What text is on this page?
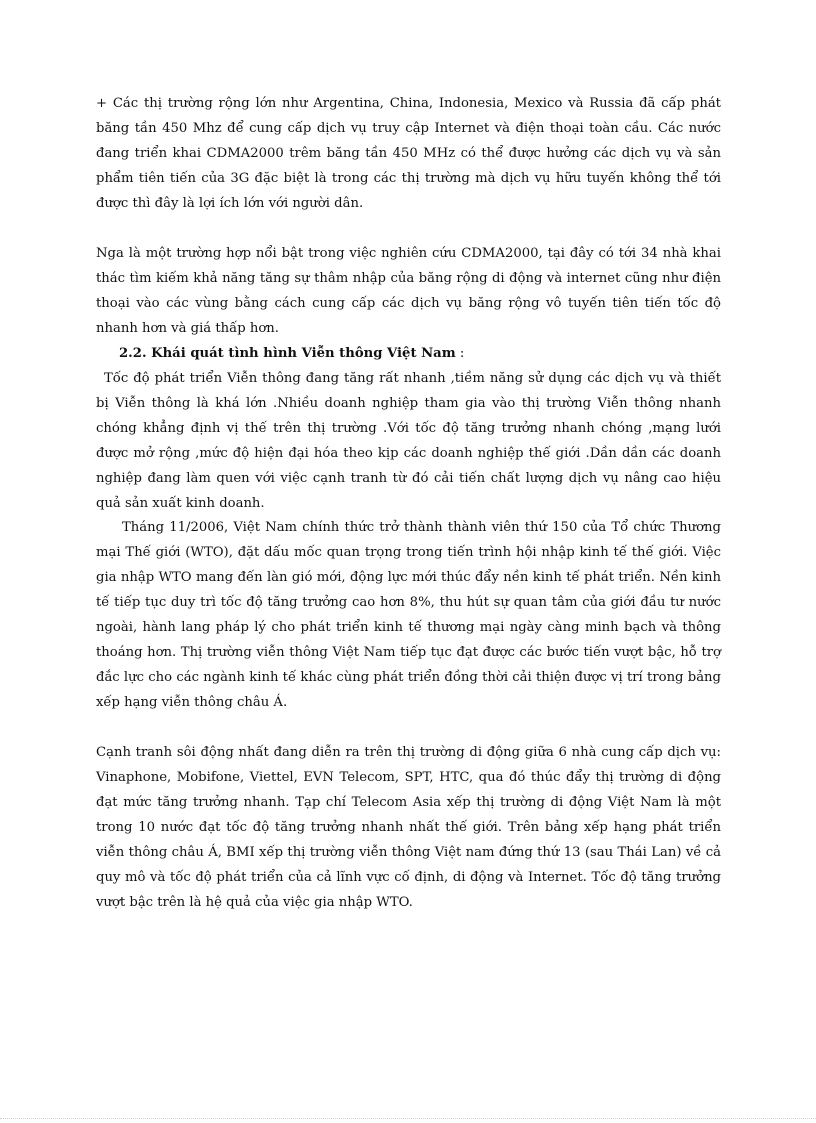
+ Các thị trường rộng lớn như Argentina, China, Indonesia, Mexico và Russia đã cấp phát băng tần 450 Mhz để cung cấp dịch vụ truy cập Internet và điện thoại toàn cầu. Các nước đang triển khai CDMA2000 trêm băng tần 450 MHz có thể được hưởng các dịch vụ và sản phẩm tiên tiến của 3G đặc biệt là trong các thị trường mà dịch vụ hữu tuyến không thể tới được thì đây là lợi ích lớn với người dân.

Nga là một trường hợp nổi bật trong việc nghiên cứu CDMA2000, tại đây có tới 34 nhà khai thác tìm kiếm khả năng tăng sự thâm nhập của băng rộng di động và internet cũng như điện thoại vào các vùng bằng cách cung cấp các dịch vụ băng rộng vô tuyến tiên tiến tốc độ nhanh hơn và giá thấp hơn.

2.2. Khái quát tình hình Viễn thông Việt Nam :

Tốc độ phát triển Viễn thông đang tăng rất nhanh ,tiềm năng sử dụng các dịch vụ và thiết bị Viễn thông là khá lớn .Nhiều doanh nghiệp tham gia vào thị trường Viễn thông nhanh chóng khẳng định vị thế trên thị trường .Với tốc độ tăng trưởng nhanh chóng ,mạng lưới được mở rộng ,mức độ hiện đại hóa theo kịp các doanh nghiệp thế giới .Dần dần các doanh nghiệp đang làm quen với việc cạnh tranh từ đó cải tiến chất lượng dịch vụ nâng cao hiệu quả sản xuất kinh doanh.

Tháng 11/2006, Việt Nam chính thức trở thành thành viên thứ 150 của Tổ chức Thương mại Thế giới (WTO), đặt dấu mốc quan trọng trong tiến trình hội nhập kinh tế thế giới. Việc gia nhập WTO mang đến làn gió mới, động lực mới thúc đẩy nền kinh tế phát triển. Nền kinh tế tiếp tục duy trì tốc độ tăng trưởng cao hơn 8%, thu hút sự quan tâm của giới đầu tư nước ngoài, hành lang pháp lý cho phát triển kinh tế thương mại ngày càng minh bạch và thông thoáng hơn. Thị trường viễn thông Việt Nam tiếp tục đạt được các bước tiến vượt bậc, hỗ trợ đắc lực cho các ngành kinh tế khác cùng phát triển đồng thời cải thiện được vị trí trong bảng xếp hạng viễn thông châu Á.

Cạnh tranh sôi động nhất đang diễn ra trên thị trường di động giữa 6 nhà cung cấp dịch vụ: Vinaphone, Mobifone, Viettel, EVN Telecom, SPT, HTC, qua đó thúc đẩy thị trường di động đạt mức tăng trưởng nhanh. Tạp chí Telecom Asia xếp thị trường di động Việt Nam là một trong 10 nước đạt tốc độ tăng trưởng nhanh nhất thế giới. Trên bảng xếp hạng phát triển viễn thông châu Á, BMI xếp thị trường viễn thông Việt nam đứng thứ 13 (sau Thái Lan) về cả quy mô và tốc độ phát triển của cả lĩnh vực cố định, di động và Internet. Tốc độ tăng trưởng vượt bậc trên là hệ quả của việc gia nhập WTO.
